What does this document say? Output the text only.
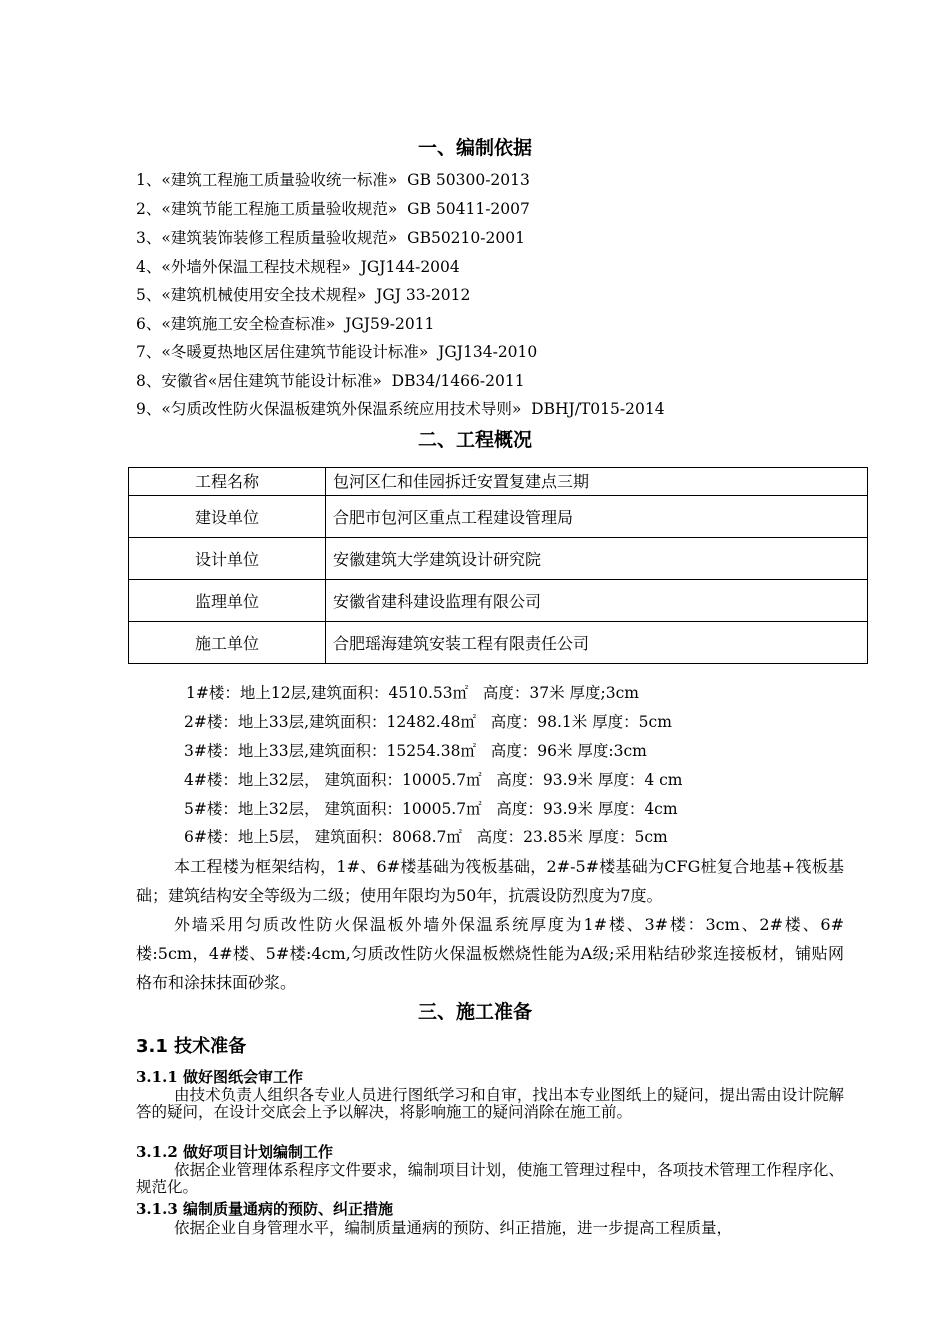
一、编制依据
1、«建筑工程施工质量验收统一标准»  GB 50300-2013
2、«建筑节能工程施工质量验收规范»  GB 50411-2007
3、«建筑装饰装修工程质量验收规范»  GB50210-2001
4、«外墙外保温工程技术规程»  JGJ144-2004
5、«建筑机械使用安全技术规程»  JGJ 33-2012
6、«建筑施工安全检查标准»  JGJ59-2011
7、«冬暖夏热地区居住建筑节能设计标准»  JGJ134-2010
8、安徽省«居住建筑节能设计标准»  DB34/1466-2011
9、«匀质改性防火保温板建筑外保温系统应用技术导则»  DBHJ/T015-2014
二、工程概况
工程名称	包河区仁和佳园拆迁安置复建点三期
建设单位	合肥市包河区重点工程建设管理局
设计单位	安徽建筑大学建筑设计研究院
监理单位	安徽省建科建设监理有限公司
施工单位	合肥瑶海建筑安装工程有限责任公司
1#楼：地上12层,建筑面积：4510.53㎡   高度：37米 厚度;3cm
2#楼：地上33层,建筑面积：12482.48㎡   高度：98.1米 厚度：5cm
3#楼：地上33层,建筑面积：15254.38㎡   高度：96米 厚度:3cm
4#楼：地上32层， 建筑面积：10005.7㎡   高度：93.9米 厚度：4 cm
5#楼：地上32层， 建筑面积：10005.7㎡   高度：93.9米 厚度：4cm
6#楼：地上5层， 建筑面积：8068.7㎡   高度：23.85米 厚度：5cm

本工程楼为框架结构，1#、6#楼基础为筏板基础，2#-5#楼基础为CFG桩复合地基+筏板基础；建筑结构安全等级为二级；使用年限均为50年，抗震设防烈度为7度。

外墙采用匀质改性防火保温板外墙外保温系统厚度为1#楼、3#楼：3cm、2#楼、6#楼:5cm，4#楼、5#楼:4cm,匀质改性防火保温板燃烧性能为A级;采用粘结砂浆连接板材，铺贴网格布和涂抹抹面砂浆。

三、施工准备
3.1 技术准备
3.1.1 做好图纸会审工作

由技术负责人组织各专业人员进行图纸学习和自审，找出本专业图纸上的疑问，提出需由设计院解答的疑问，在设计交底会上予以解决，将影响施工的疑问消除在施工前。

3.1.2 做好项目计划编制工作

依据企业管理体系程序文件要求，编制项目计划，使施工管理过程中，各项技术管理工作程序化、规范化。

3.1.3 编制质量通病的预防、纠正措施

依据企业自身管理水平，编制质量通病的预防、纠正措施，进一步提高工程质量，
